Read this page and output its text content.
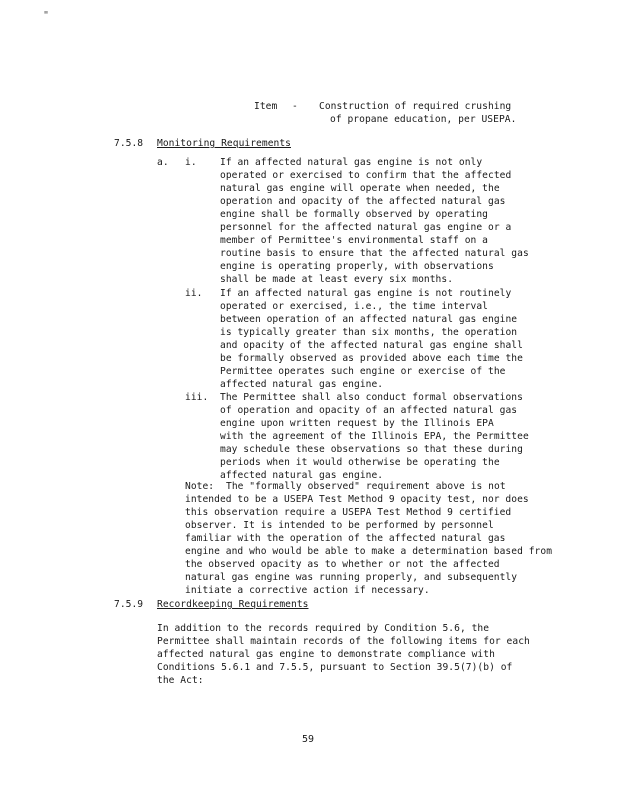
"
Item - Construction of required crushing
of propane education, per USEPA.
7.5.8 Monitoring Requirements
a. i. If an affected natural gas engine is not only
operated or exercised to confirm that the affected
natural gas engine will operate when needed, the
operation and opacity of the affected natural gas
engine shall be formally observed by operating
personnel for the affected natural gas engine or a
member of Permittee's environmental staff on a
routine basis to ensure that the affected natural gas
engine is operating properly, with observations
shall be made at least every six months.
ii. If an affected natural gas engine is not routinely
operated or exercised, i.e., the time interval
between operation of an affected natural gas engine
is typically greater than six months, the operation
and opacity of the affected natural gas engine shall
be formally observed as provided above each time the
Permittee operates such engine or exercise of the
affected natural gas engine.
iii. The Permittee shall also conduct formal observations
of operation and opacity of an affected natural gas
engine upon written request by the Illinois EPA
with the agreement of the Illinois EPA, the Permittee
may schedule these observations so that these during
periods when it would otherwise be operating the
affected natural gas engine.
Note: The "formally observed" requirement above is not
intended to be a USEPA Test Method 9 opacity test, nor does
this observation require a USEPA Test Method 9 certified
observer. It is intended to be performed by personnel
familiar with the operation of the affected natural gas
engine and who would be able to make a determination based from
the observed opacity as to whether or not the affected
natural gas engine was running properly, and subsequently
initiate a corrective action if necessary.
7.5.9 Recordkeeping Requirements
In addition to the records required by Condition 5.6, the
Permittee shall maintain records of the following items for each
affected natural gas engine to demonstrate compliance with
Conditions 5.6.1 and 7.5.5, pursuant to Section 39.5(7)(b) of
the Act:
59
